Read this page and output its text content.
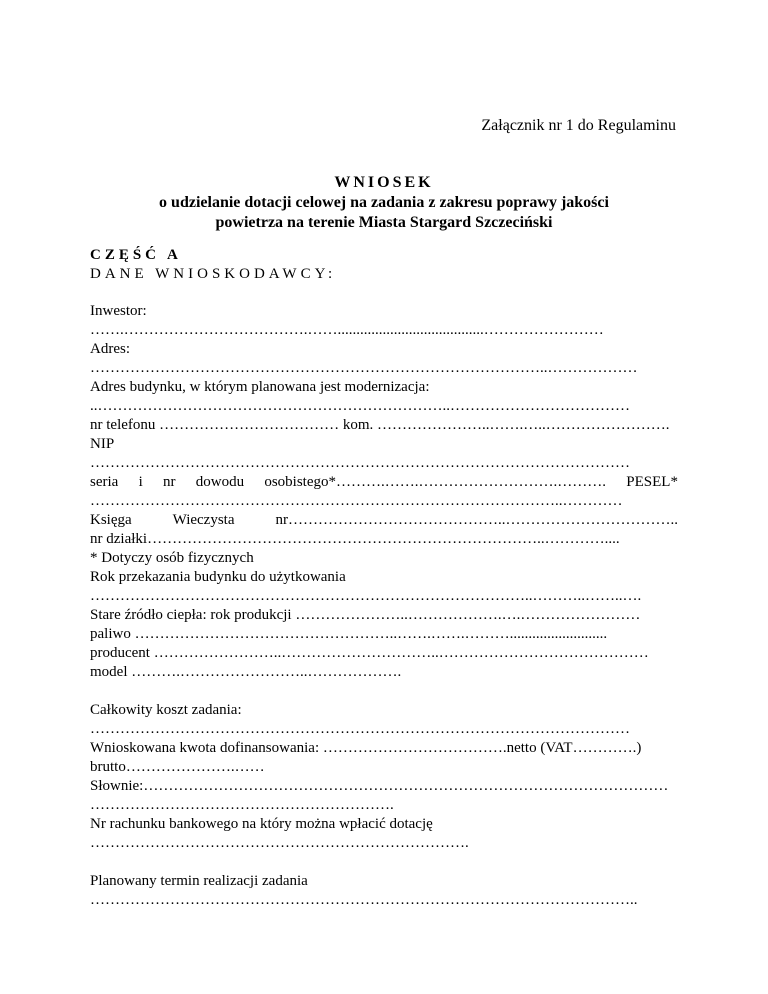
Załącznik nr 1 do Regulaminu
WNIOSEK
o udzielanie dotacji celowej na zadania z zakresu poprawy jakości
powietrza na terenie Miasta Stargard Szczeciński
CZĘŚĆ A
DANE WNIOSKODAWCY:
Inwestor:
…….……………………………….…….......................................……………………
Adres:
………………………………………………………………………………..………………
Adres budynku, w którym planowana jest modernizacja:
..……………………………………………………………..………………………………
nr telefonu ……………………………… kom. …………………..…….…..…………………….
NIP
………………………………………………………………………………………………
seria i nr dowodu osobistego*……….…….……………………….………. PESEL*
…………………………………………………………………………………..…………
Księga	Wieczysta	nr……………………………………..……………………………..
nr działki……………………………………………………………………..…………....
* Dotyczy osób fizycznych
Rok przekazania budynku do użytkowania
……………………………………………………………………………..………..……..….
Stare źródło ciepła: rok produkcji …………………..……………….….……………………
paliwo ……………………………………………..…….…….………..........................
producent ……………………..…………………………..……………………………………
model ……….……………………..……………….
Całkowity koszt zadania:
………………………………………………………………………………………………
Wnioskowana kwota dofinansowania: ……………………………….netto (VAT………….)
brutto………………….……
Słownie:……………………………………………………………………………………………
…………………………………………………….
Nr rachunku bankowego na który można wpłacić dotację
………………………………………………………………….
Planowany termin realizacji zadania
………………………………………………………………………………………………..
